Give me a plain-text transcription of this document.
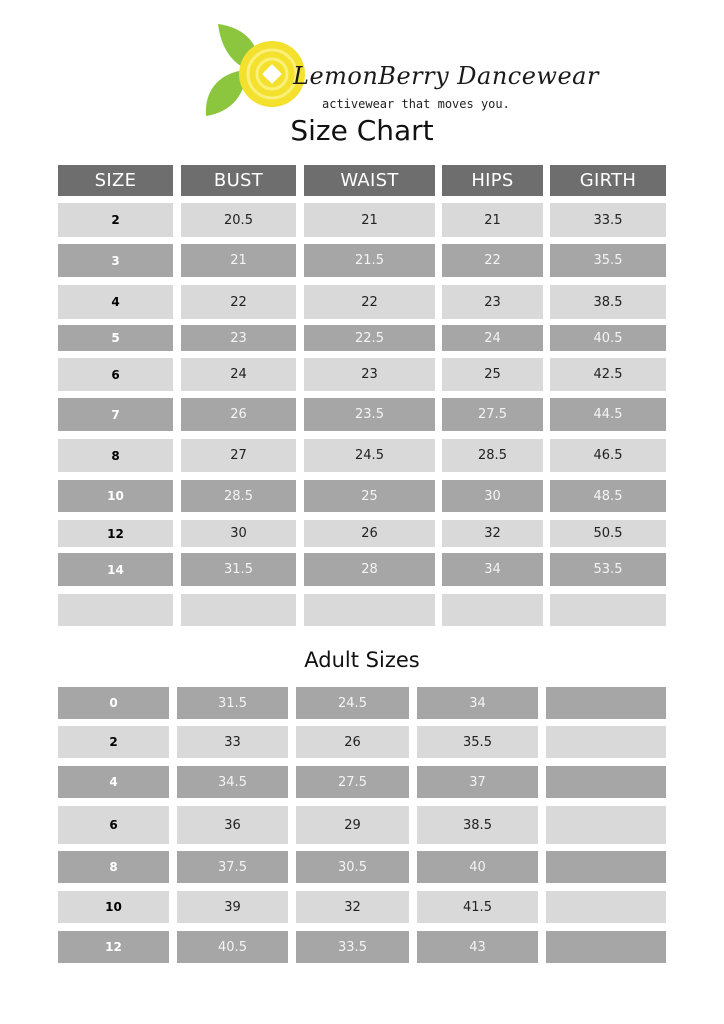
LemonBerry Dancewear
activewear that moves you.
Size Chart
Adult Sizes
SIZE	BUST	WAIST	HIPS	GIRTH
2	20.5	21	21	33.5
3	21	21.5	22	35.5
4	22	22	23	38.5
5	23	22.5	24	40.5
6	24	23	25	42.5
7	26	23.5	27.5	44.5
8	27	24.5	28.5	46.5
10	28.5	25	30	48.5
12	30	26	32	50.5
14	31.5	28	34	53.5
0	31.5	24.5	34
2	33	26	35.5
4	34.5	27.5	37
6	36	29	38.5
8	37.5	30.5	40
10	39	32	41.5
12	40.5	33.5	43
